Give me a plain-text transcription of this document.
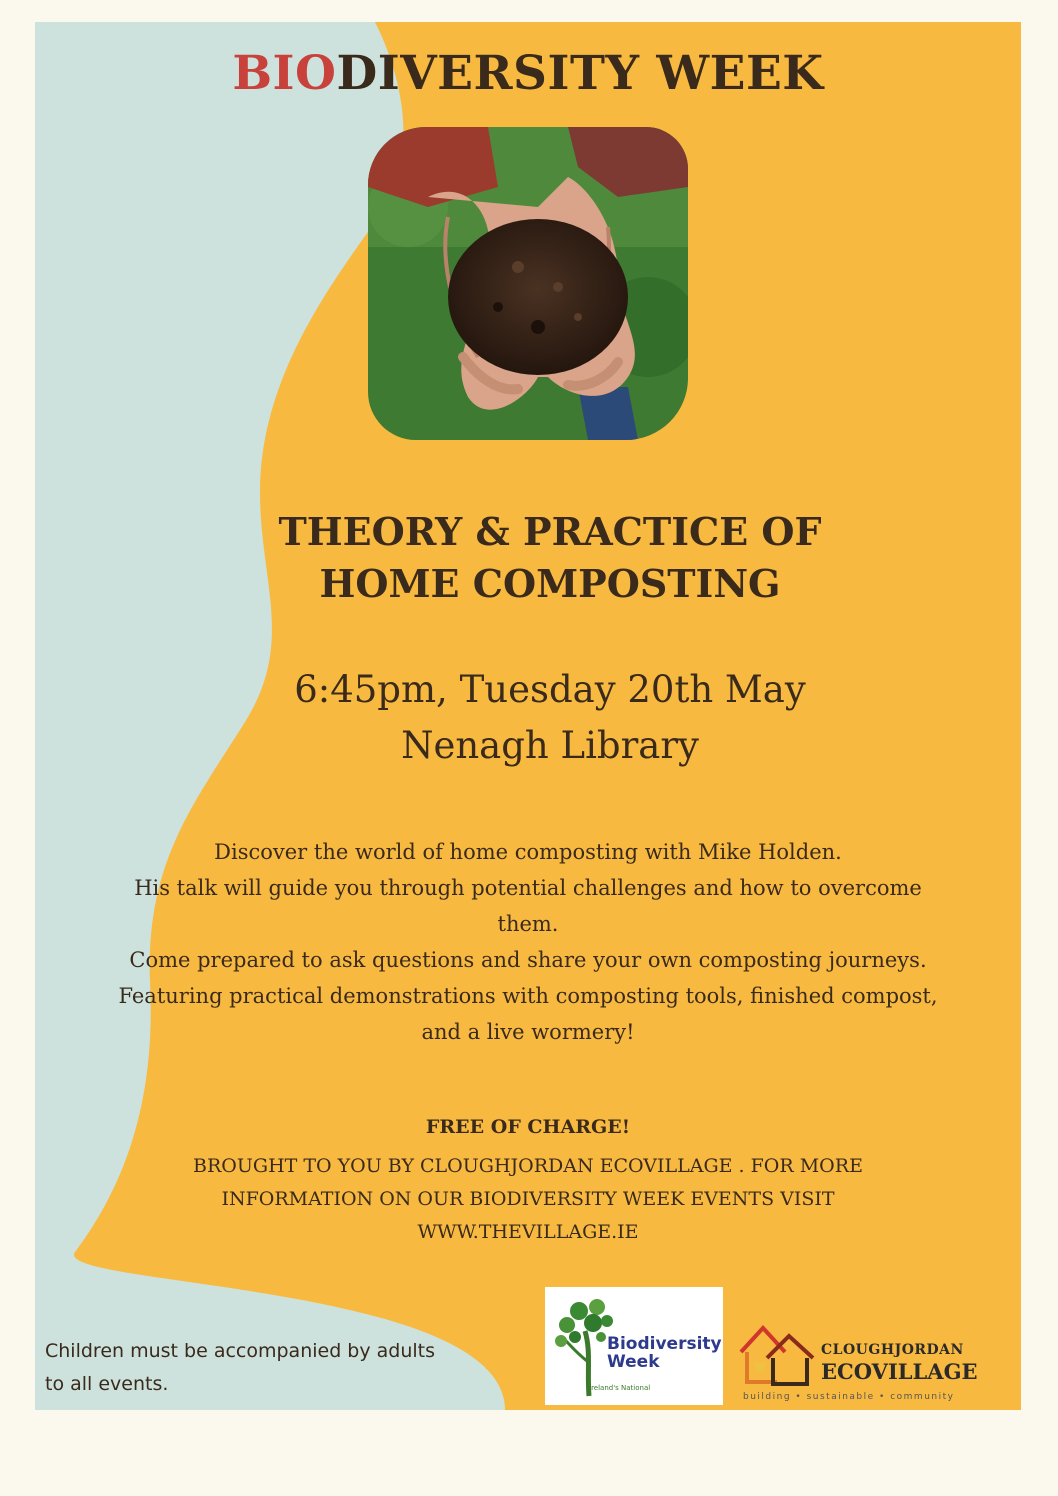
BIODIVERSITY WEEK
THEORY & PRACTICE OF
HOME COMPOSTING
6:45pm, Tuesday 20th May
Nenagh Library
Discover the world of home composting with Mike Holden.
His talk will guide you through potential challenges and how to overcome
them.
Come prepared to ask questions and share your own composting journeys.
Featuring practical demonstrations with composting tools, finished compost,
and a live wormery!
FREE OF CHARGE!
BROUGHT TO YOU BY CLOUGHJORDAN ECOVILLAGE . FOR MORE
INFORMATION ON OUR BIODIVERSITY WEEK EVENTS VISIT
WWW.THEVILLAGE.IE
Children must be accompanied by adults
to all events.
Biodiversity
Week
Ireland's National
CLOUGHJORDAN
ECOVILLAGE
building • sustainable • community
